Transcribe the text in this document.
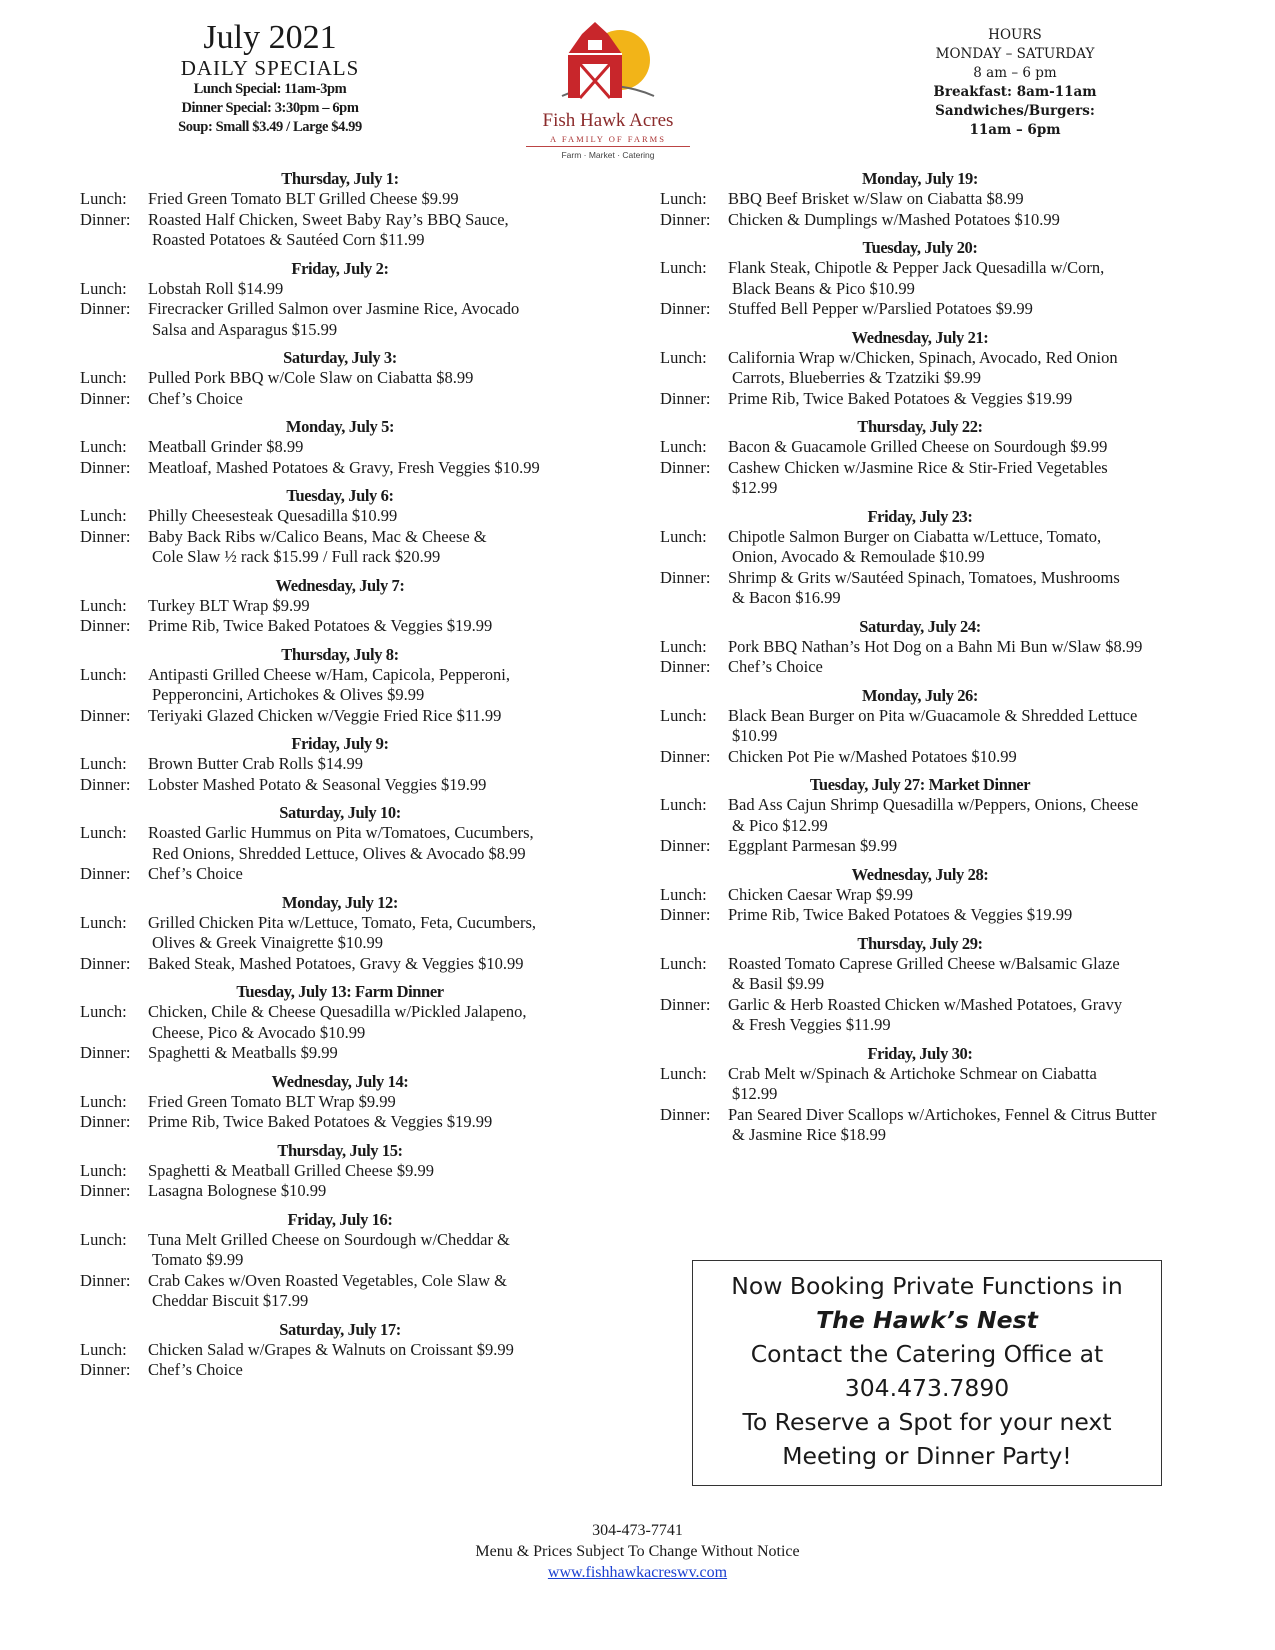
July 2021
DAILY SPECIALS
Lunch Special: 11am-3pm
Dinner Special: 3:30pm – 6pm
Soup: Small $3.49 / Large $4.99	Fish Hawk Acres
A FAMILY OF FARMS
Farm · Market · Catering
HOURS
MONDAY – SATURDAY
8 am – 6 pm
Breakfast: 8am-11am
Sandwiches/Burgers:
11am – 6pm
Thursday, July 1:
Lunch:	Fried Green Tomato BLT Grilled Cheese $9.99
Dinner:	Roasted Half Chicken, Sweet Baby Ray’s BBQ Sauce,
Roasted Potatoes & Sautéed Corn $11.99
Friday, July 2:
Lunch:	Lobstah Roll $14.99
Dinner:	Firecracker Grilled Salmon over Jasmine Rice, Avocado
Salsa and Asparagus $15.99
Saturday, July 3:
Lunch:	Pulled Pork BBQ w/Cole Slaw on Ciabatta $8.99
Dinner:	Chef’s Choice
Monday, July 5:
Lunch:	Meatball Grinder $8.99
Dinner:	Meatloaf, Mashed Potatoes & Gravy, Fresh Veggies $10.99
Tuesday, July 6:
Lunch:	Philly Cheesesteak Quesadilla $10.99
Dinner:	Baby Back Ribs w/Calico Beans, Mac & Cheese &
Cole Slaw ½ rack $15.99 / Full rack $20.99
Wednesday, July 7:
Lunch:	Turkey BLT Wrap $9.99
Dinner:	Prime Rib, Twice Baked Potatoes & Veggies $19.99
Thursday, July 8:
Lunch:	Antipasti Grilled Cheese w/Ham, Capicola, Pepperoni,
Pepperoncini, Artichokes & Olives $9.99
Dinner:	Teriyaki Glazed Chicken w/Veggie Fried Rice $11.99
Friday, July 9:
Lunch:	Brown Butter Crab Rolls $14.99
Dinner:	Lobster Mashed Potato & Seasonal Veggies $19.99
Saturday, July 10:
Lunch:	Roasted Garlic Hummus on Pita w/Tomatoes, Cucumbers,
Red Onions, Shredded Lettuce, Olives & Avocado $8.99
Dinner:	Chef’s Choice
Monday, July 12:
Lunch:	Grilled Chicken Pita w/Lettuce, Tomato, Feta, Cucumbers,
Olives & Greek Vinaigrette $10.99
Dinner:	Baked Steak, Mashed Potatoes, Gravy & Veggies $10.99
Tuesday, July 13: Farm Dinner
Lunch:	Chicken, Chile & Cheese Quesadilla w/Pickled Jalapeno,
Cheese, Pico & Avocado $10.99
Dinner:	Spaghetti & Meatballs $9.99
Wednesday, July 14:
Lunch:	Fried Green Tomato BLT Wrap $9.99
Dinner:	Prime Rib, Twice Baked Potatoes & Veggies $19.99
Thursday, July 15:
Lunch:	Spaghetti & Meatball Grilled Cheese $9.99
Dinner:	Lasagna Bolognese $10.99
Friday, July 16:
Lunch:	Tuna Melt Grilled Cheese on Sourdough w/Cheddar &
Tomato $9.99
Dinner:	Crab Cakes w/Oven Roasted Vegetables, Cole Slaw &
Cheddar Biscuit $17.99
Saturday, July 17:
Lunch:	Chicken Salad w/Grapes & Walnuts on Croissant $9.99
Dinner:	Chef’s Choice
Monday, July 19:
Lunch:	BBQ Beef Brisket w/Slaw on Ciabatta $8.99
Dinner:	Chicken & Dumplings w/Mashed Potatoes $10.99
Tuesday, July 20:
Lunch:	Flank Steak, Chipotle & Pepper Jack Quesadilla w/Corn,
Black Beans & Pico $10.99
Dinner:	Stuffed Bell Pepper w/Parslied Potatoes $9.99
Wednesday, July 21:
Lunch:	California Wrap w/Chicken, Spinach, Avocado, Red Onion
Carrots, Blueberries & Tzatziki $9.99
Dinner:	Prime Rib, Twice Baked Potatoes & Veggies $19.99
Thursday, July 22:
Lunch:	Bacon & Guacamole Grilled Cheese on Sourdough $9.99
Dinner:	Cashew Chicken w/Jasmine Rice & Stir-Fried Vegetables
$12.99
Friday, July 23:
Lunch:	Chipotle Salmon Burger on Ciabatta w/Lettuce, Tomato,
Onion, Avocado & Remoulade $10.99
Dinner:	Shrimp & Grits w/Sautéed Spinach, Tomatoes, Mushrooms
& Bacon $16.99
Saturday, July 24:
Lunch:	Pork BBQ Nathan’s Hot Dog on a Bahn Mi Bun w/Slaw $8.99
Dinner:	Chef’s Choice
Monday, July 26:
Lunch:	Black Bean Burger on Pita w/Guacamole & Shredded Lettuce
$10.99
Dinner:	Chicken Pot Pie w/Mashed Potatoes $10.99
Tuesday, July 27: Market Dinner
Lunch:	Bad Ass Cajun Shrimp Quesadilla w/Peppers, Onions, Cheese
& Pico $12.99
Dinner:	Eggplant Parmesan $9.99
Wednesday, July 28:
Lunch:	Chicken Caesar Wrap $9.99
Dinner:	Prime Rib, Twice Baked Potatoes & Veggies $19.99
Thursday, July 29:
Lunch:	Roasted Tomato Caprese Grilled Cheese w/Balsamic Glaze
& Basil $9.99
Dinner:	Garlic & Herb Roasted Chicken w/Mashed Potatoes, Gravy
& Fresh Veggies $11.99
Friday, July 30:
Lunch:	Crab Melt w/Spinach & Artichoke Schmear on Ciabatta
$12.99
Dinner:	Pan Seared Diver Scallops w/Artichokes, Fennel & Citrus Butter
& Jasmine Rice $18.99
Now Booking Private Functions in
The Hawk’s Nest
Contact the Catering Office at
304.473.7890
To Reserve a Spot for your next
Meeting or Dinner Party!
304-473-7741
Menu & Prices Subject To Change Without Notice
www.fishhawkacreswv.com
